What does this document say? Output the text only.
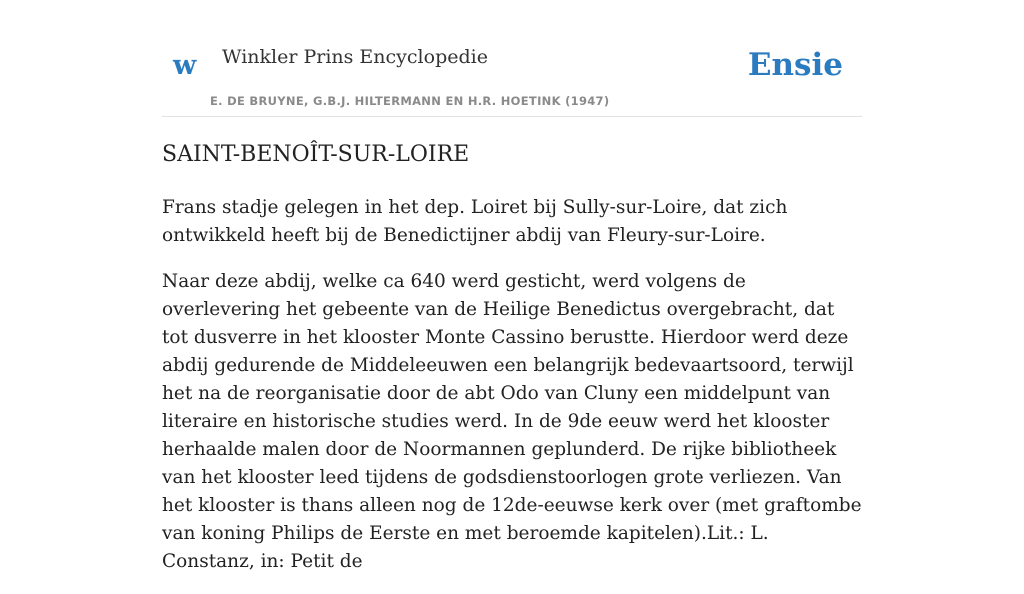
w Winkler Prins Encyclopedie
E. DE BRUYNE, G.B.J. HILTERMANN EN H.R. HOETINK (1947)
Ensie
SAINT-BENOÎT-SUR-LOIRE

Frans stadje gelegen in het dep. Loiret bij Sully-sur-Loire, dat zich ontwikkeld heeft bij de Benedictijner abdij van Fleury-sur-Loire.

Naar deze abdij, welke ca 640 werd gesticht, werd volgens de overlevering het gebeente van de Heilige Benedictus overgebracht, dat tot dusverre in het klooster Monte Cassino berustte. Hierdoor werd deze abdij gedurende de Middeleeuwen een belangrijk bedevaartsoord, terwijl het na de reorganisatie door de abt Odo van Cluny een middelpunt van literaire en historische studies werd. In de 9de eeuw werd het klooster herhaalde malen door de Noormannen geplunderd. De rijke bibliotheek van het klooster leed tijdens de godsdienstoorlogen grote verliezen. Van het klooster is thans alleen nog de 12de-eeuwse kerk over (met graftombe van koning Philips de Eerste en met beroemde kapitelen).Lit.: L. Constanz, in: Petit de
